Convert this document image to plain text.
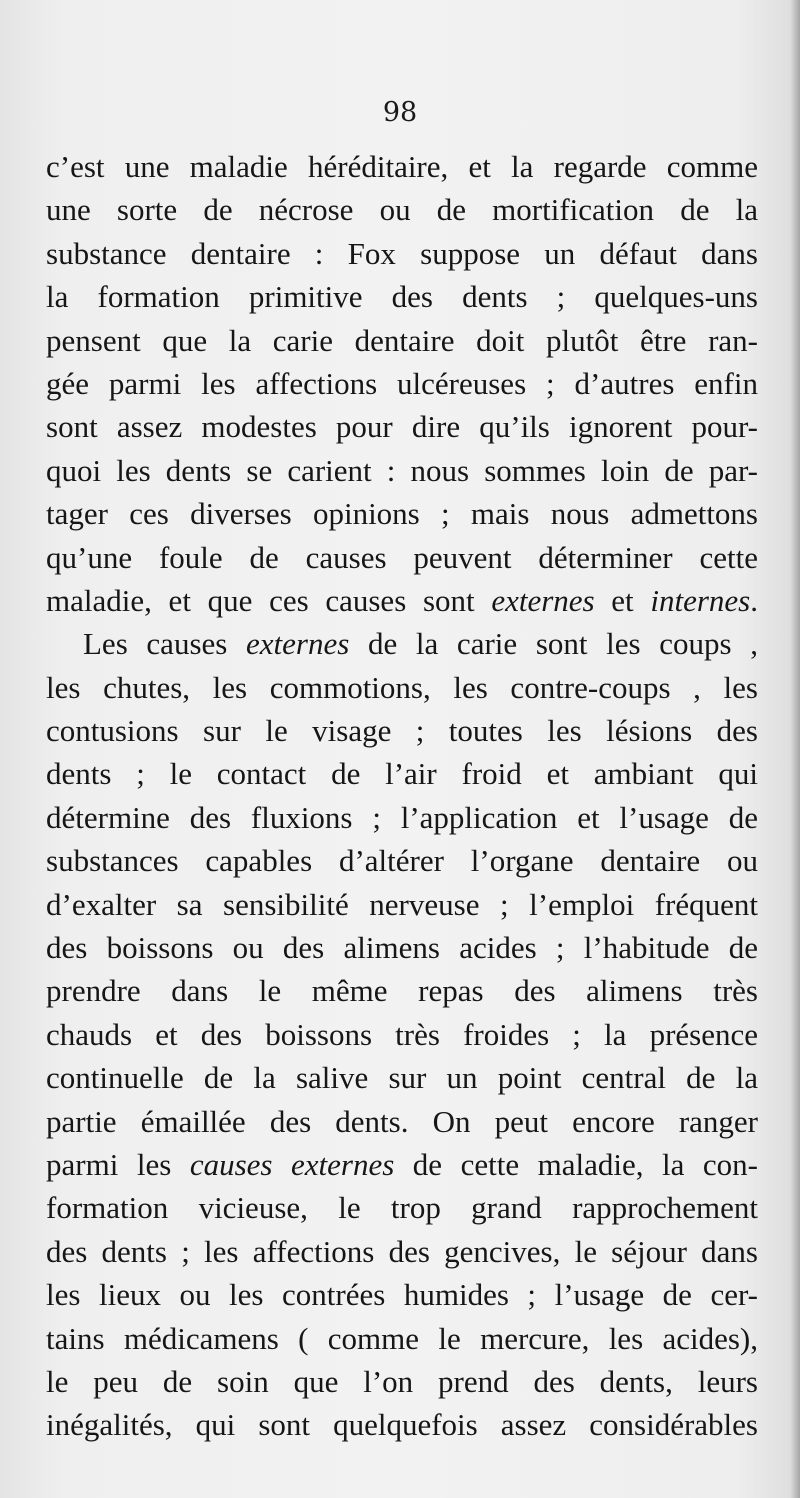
98
c’est une maladie héréditaire, et la regarde comme
une sorte de nécrose ou de mortification de la
substance dentaire : Fox suppose un défaut dans
la formation primitive des dents ; quelques-uns
pensent que la carie dentaire doit plutôt être ran-
gée parmi les affections ulcéreuses ; d’autres enfin
sont assez modestes pour dire qu’ils ignorent pour-
quoi les dents se carient : nous sommes loin de par-
tager ces diverses opinions ; mais nous admettons
qu’une foule de causes peuvent déterminer cette
maladie, et que ces causes sont externes et internes.
Les causes externes de la carie sont les coups ,
les chutes, les commotions, les contre-coups , les
contusions sur le visage ; toutes les lésions des
dents ; le contact de l’air froid et ambiant qui
détermine des fluxions ; l’application et l’usage de
substances capables d’altérer l’organe dentaire ou
d’exalter sa sensibilité nerveuse ; l’emploi fréquent
des boissons ou des alimens acides ; l’habitude de
prendre dans le même repas des alimens très
chauds et des boissons très froides ; la présence
continuelle de la salive sur un point central de la
partie émaillée des dents. On peut encore ranger
parmi les causes externes de cette maladie, la con-
formation vicieuse, le trop grand rapprochement
des dents ; les affections des gencives, le séjour dans
les lieux ou les contrées humides ; l’usage de cer-
tains médicamens ( comme le mercure, les acides),
le peu de soin que l’on prend des dents, leurs
inégalités, qui sont quelquefois assez considérables
